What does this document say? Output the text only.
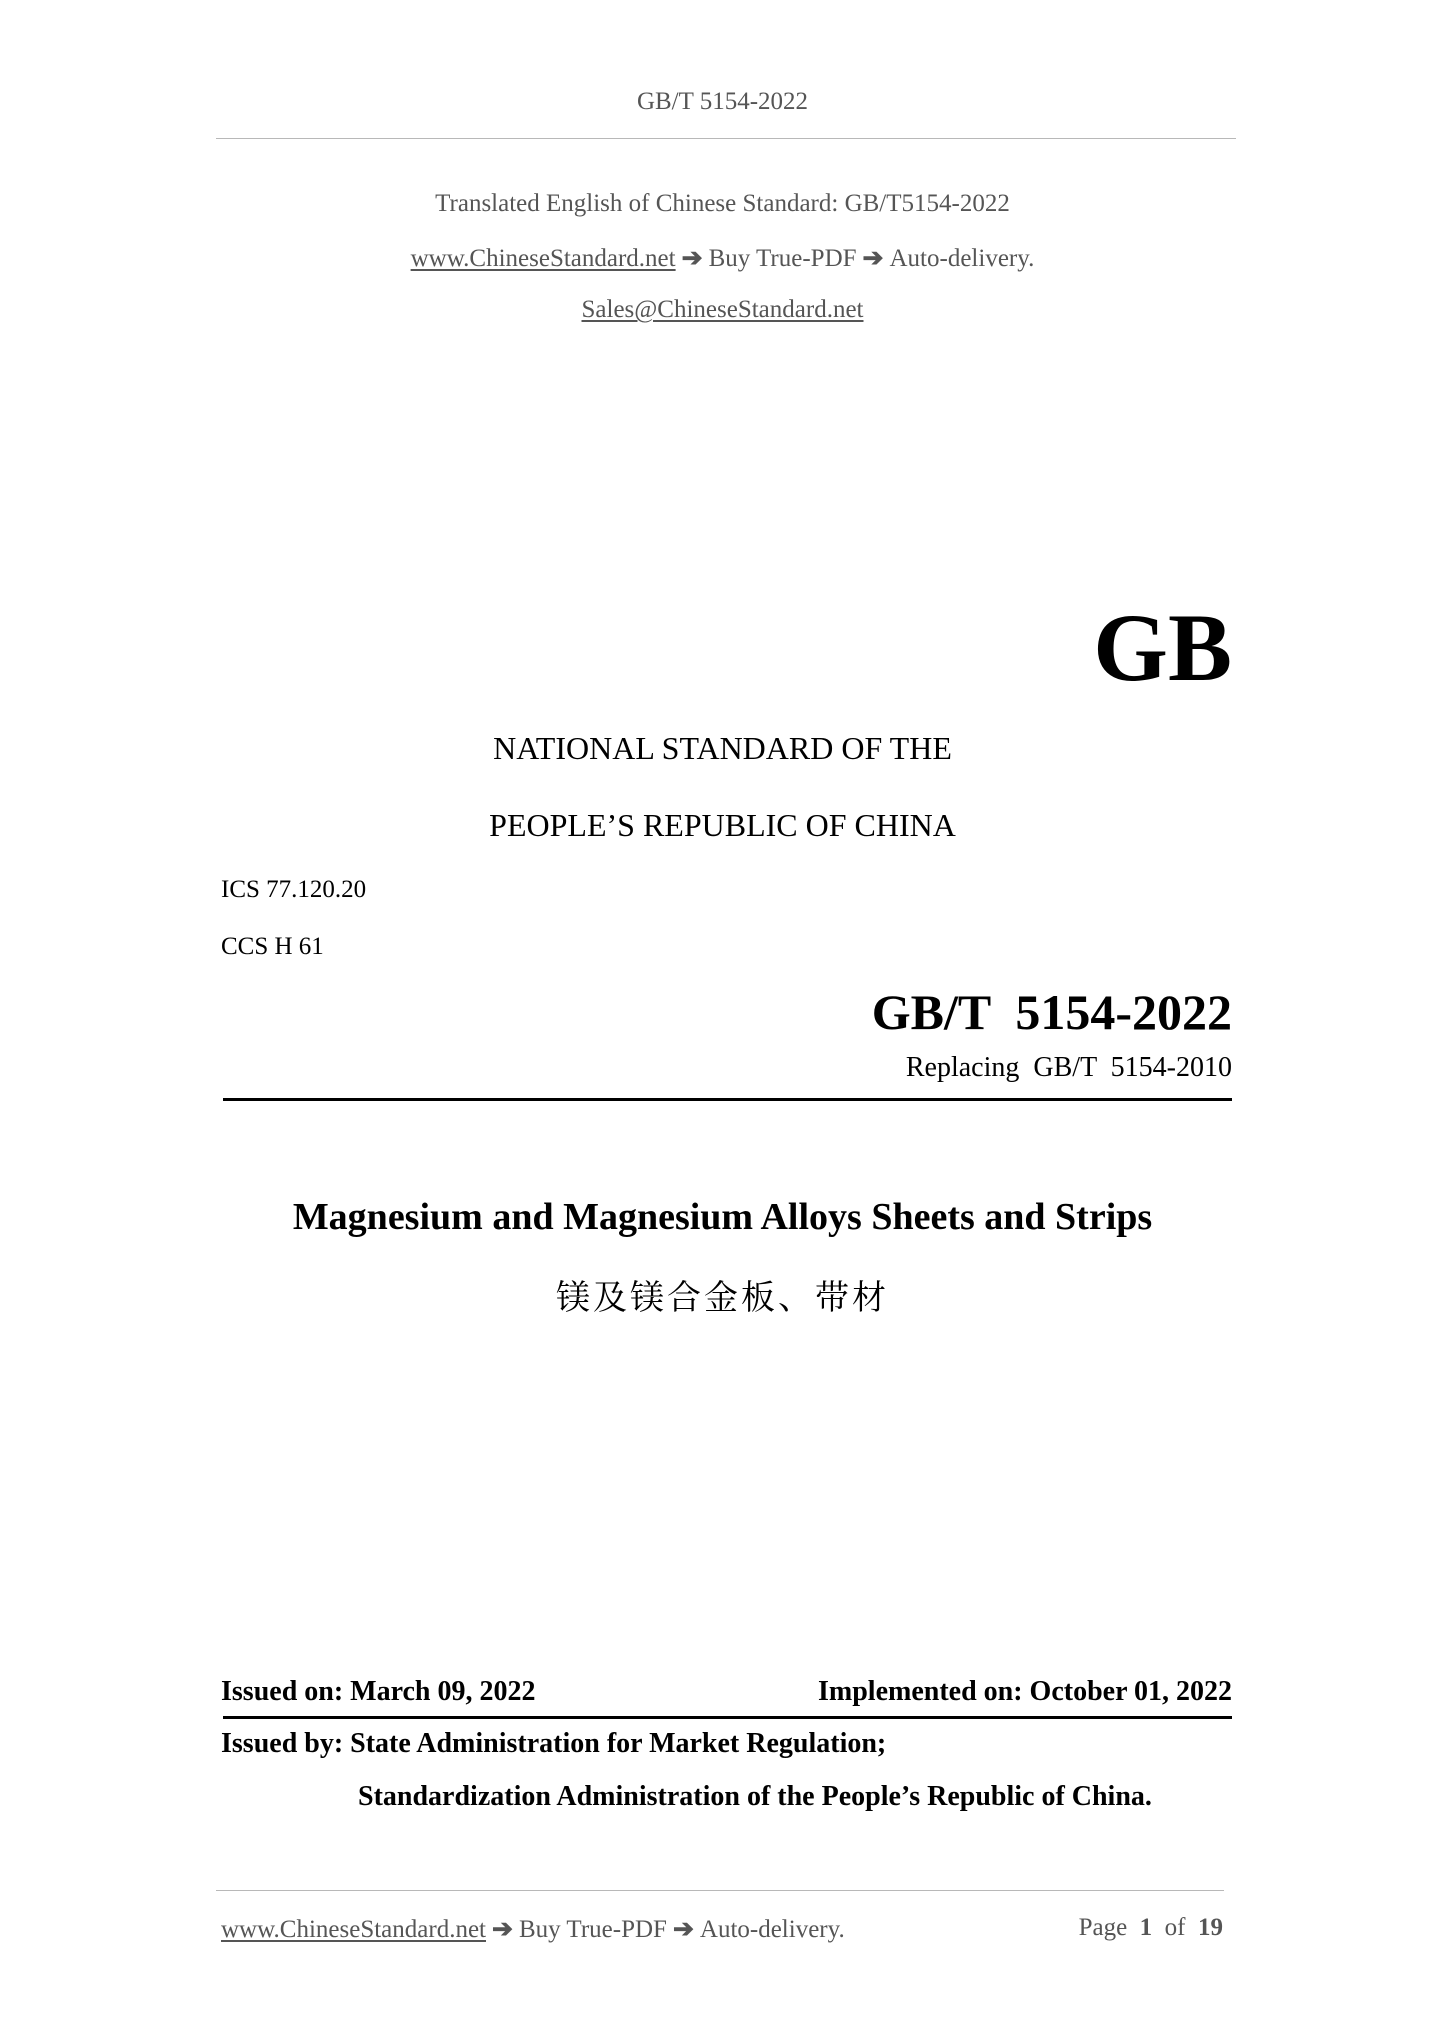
GB/T 5154-2022
Translated English of Chinese Standard: GB/T5154-2022
www.ChineseStandard.net ➔ Buy True-PDF ➔ Auto-delivery.
Sales@ChineseStandard.net
GB
NATIONAL STANDARD OF THE
PEOPLE’S REPUBLIC OF CHINA
ICS 77.120.20
CCS H 61
GB/T  5154-2022
Replacing  GB/T  5154-2010
Magnesium and Magnesium Alloys Sheets and Strips
镁及镁合金板、带材
Issued on: March 09, 2022	Implemented on: October 01, 2022
Issued by: State Administration for Market Regulation;
Standardization Administration of the People’s Republic of China.
www.ChineseStandard.net ➔ Buy True-PDF ➔ Auto-delivery.	Page 1 of 19
